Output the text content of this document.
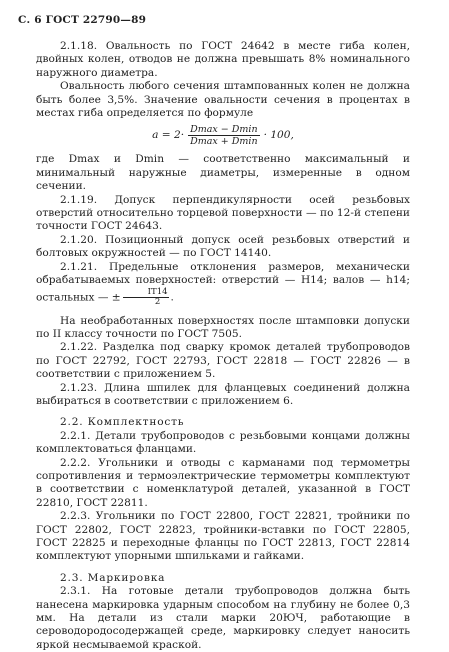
С. 6 ГОСТ 22790—89

2.1.18. Овальность по ГОСТ 24642 в месте гиба колен, двойных колен, отводов не должна превышать 8% номинального наружного диаметра.

Овальность любого сечения штампованных колен не должна быть более 3,5%. Значение овальности сечения в процентах в местах гиба определяется по формуле

$a = 2\cdot \frac{Dmax - Dmin}{Dmax + Dmin} \cdot 100$,

где Dmax и Dmin — соответственно максимальный и минимальный наружные диаметры, измеренные в одном сечении.

2.1.19. Допуск перпендикулярности осей резьбовых отверстий относительно торцевой поверхности — по 12-й степени точности ГОСТ 24643.

2.1.20. Позиционный допуск осей резьбовых отверстий и болтовых окружностей — по ГОСТ 14140.

2.1.21. Предельные отклонения размеров, механически обрабатываемых поверхностей: отверстий — H14; валов — h14; остальных — ± $\frac{IT14}{2}$ .

На необработанных поверхностях после штамповки допуски по II классу точности по ГОСТ 7505.

2.1.22. Разделка под сварку кромок деталей трубопроводов по ГОСТ 22792, ГОСТ 22793, ГОСТ 22818 — ГОСТ 22826 — в соответствии с приложением 5.

2.1.23. Длина шпилек для фланцевых соединений должна выбираться в соответствии с приложением 6.

2.2. Комплектность

2.2.1. Детали трубопроводов с резьбовыми концами должны комплектоваться фланцами.

2.2.2. Угольники и отводы с карманами под термометры сопротивления и термоэлектрические термометры комплектуют в соответствии с номенклатурой деталей, указанной в ГОСТ 22810, ГОСТ 22811.

2.2.3. Угольники по ГОСТ 22800, ГОСТ 22821, тройники по ГОСТ 22802, ГОСТ 22823, тройники-вставки по ГОСТ 22805, ГОСТ 22825 и переходные фланцы по ГОСТ 22813, ГОСТ 22814 комплектуют упорными шпильками и гайками.

2.3. Маркировка

2.3.1. На готовые детали трубопроводов должна быть нанесена маркировка ударным способом на глубину не более 0,3 мм. На детали из стали марки 20ЮЧ, работающие в сероводородосодержащей среде, маркировку следует наносить яркой несмываемой краской.
